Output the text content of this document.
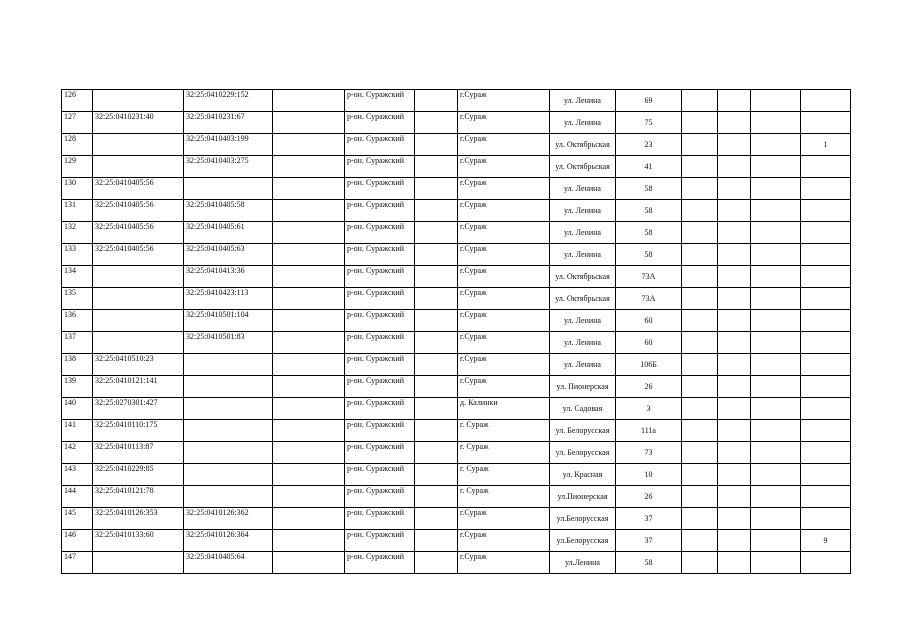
126		32:25:0410229:152		р-он. Суражский		г.Сураж	ул. Ленина	69				
127	32:25:0410231:40	32:25:0410231:67		р-он. Суражский		г.Сураж	ул. Ленина	75				
128		32:25:0410403:199		р-он. Суражский		г.Сураж	ул. Октябрьская	23				1
129		32:25:0410403:275		р-он. Суражский		г.Сураж	ул. Октябрьская	41				
130	32:25:0410405:56			р-он. Суражский		г.Сураж	ул. Ленина	58				
131	32:25:0410405:56	32:25:0410405:58		р-он. Суражский		г.Сураж	ул. Ленина	58				
132	32:25:0410405:56	32:25:0410405:61		р-он. Суражский		г.Сураж	ул. Ленина	58				
133	32:25:0410405:56	32:25:0410405:63		р-он. Суражский		г.Сураж	ул. Ленина	58				
134		32:25:0410413:36		р-он. Суражский		г.Сураж	ул. Октябрьская	73А				
135		32:25:0410423:113		р-он. Суражский		г.Сураж	ул. Октябрьская	73А				
136		32:25:0410501:104		р-он. Суражский		г.Сураж	ул. Ленина	60				
137		32:25:0410501:83		р-он. Суражский		г.Сураж	ул. Ленина	60				
138	32:25:0410510:23			р-он. Суражский		г.Сураж	ул. Ленина	106Б				
139	32:25:0410121:141			р-он. Суражский		г.Сураж	ул. Пионерская	26				
140	32:25:0270301:427			р-он. Суражский		д. Калинки	ул. Садовая	3				
141	32:25:0410110:175			р-он. Суражский		г. Сураж	ул. Белорусская	111а				
142	32:25:0410113:87			р-он. Суражский		г. Сураж	ул. Белорусская	73				
143	32:25:0410229:85			р-он. Суражский		г. Сураж	ул. Красная	10				
144	32:25:0410121:78			р-он. Суражский		г. Сураж	ул.Пионерская	26				
145	32:25:0410126:353	32:25:0410126:362		р-он. Суражский		г.Сураж	ул.Белорусская	37				
146	32:25:0410133:60	32:25:0410126:364		р-он. Суражский		г.Сураж	ул.Белорусская	37				9
147		32:25:0410405:64		р-он. Суражский		г.Сураж	ул.Ленина	58				
